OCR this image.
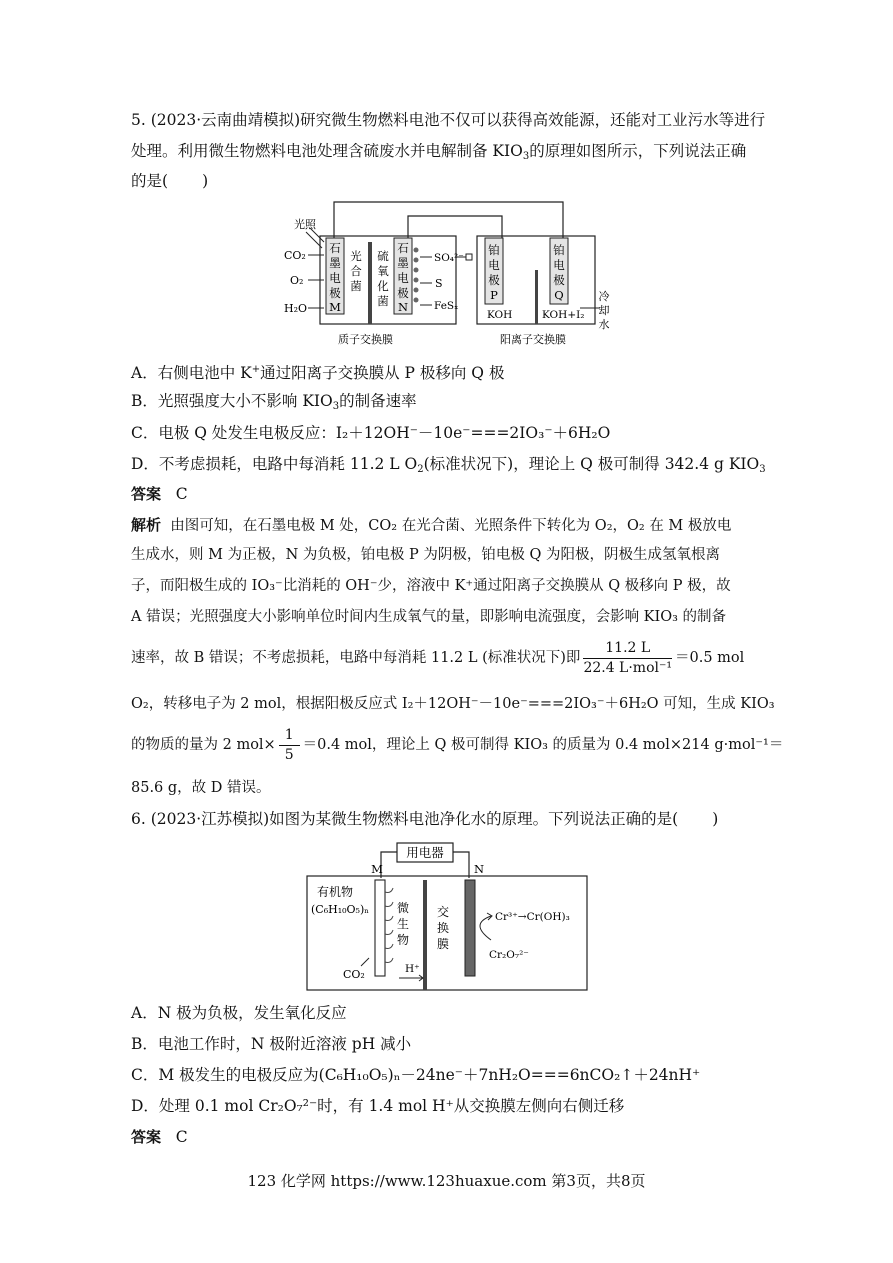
5. (2023·云南曲靖模拟)研究微生物燃料电池不仅可以获得高效能源，还能对工业污水等进行
处理。利用微生物燃料电池处理含硫废水并电解制备 $KIO_3$的原理如图所示，下列说法正确
的是( )
光照
CO₂
O₂
H₂O
石
墨
电
极
M
光
合
菌
硫
氧
化
菌
石
墨
电
极
N
SO₄²⁻
S
FeSₓ
铂
电
极
P
铂
电
极
Q
KOH	KOH+I₂
冷
却
水
质子交换膜	阳离子交换膜
A．右侧电池中 K+通过阳离子交换膜从 P 极移向 Q 极
B．光照强度大小不影响 $KIO_3$的制备速率
C．电极 Q 处发生电极反应：I₂＋12OH⁻－10e⁻===2IO₃⁻＋6H₂O
D．不考虑损耗，电路中每消耗 11.2 L $O_2$(标准状况下)，理论上 Q 极可制得 342.4 g $KIO_3$
答案 C
解析 由图可知，在石墨电极 M 处，CO₂ 在光合菌、光照条件下转化为 O₂，O₂ 在 M 极放电
生成水，则 M 为正极，N 为负极，铂电极 P 为阴极，铂电极 Q 为阳极，阴极生成氢氧根离
子，而阳极生成的 IO₃⁻比消耗的 OH⁻少，溶液中 K⁺通过阳离子交换膜从 Q 极移向 P 极，故
A 错误；光照强度大小影响单位时间内生成氧气的量，即影响电流强度，会影响 KIO₃ 的制备
速率，故 B 错误；不考虑损耗，电路中每消耗 11.2 L (标准状况下)即 $\frac{11.2 L}{\text{22.4 L·mol⁻¹}} =0.5$ mol
O₂，转移电子为 2 mol，根据阳极反应式 I₂＋12OH⁻－10e⁻===2IO₃⁻＋6H₂O 可知，生成 KIO₃
的物质的量为 2 $mol\times \frac{1}{5} =0.4$ mol，理论上 Q 极可制得 KIO₃ 的质量为 0.4 mol×214 g·mol⁻¹＝
85.6 g，故 D 错误。
6. (2023·江苏模拟)如图为某微生物燃料电池净化水的原理。下列说法正确的是( )
M	N
用电器
有机物
(C₆H₁₀O₅)ₙ 微
生
物
CO₂	H⁺
交
换
膜
Cr³⁺→Cr(OH)₃
Cr₂O₇²⁻
A．N 极为负极，发生氧化反应
B．电池工作时，N 极附近溶液 pH 减小
C．M 极发生的电极反应为(C₆H₁₀O₅)ₙ－24ne⁻＋7nH₂O===6nCO₂↑＋24nH⁺
D．处理 0.1 mol Cr₂O₇²⁻时，有 1.4 mol H⁺从交换膜左侧向右侧迁移
答案 C
123 化学网 https://www.123huaxue.com 第3页，共8页
